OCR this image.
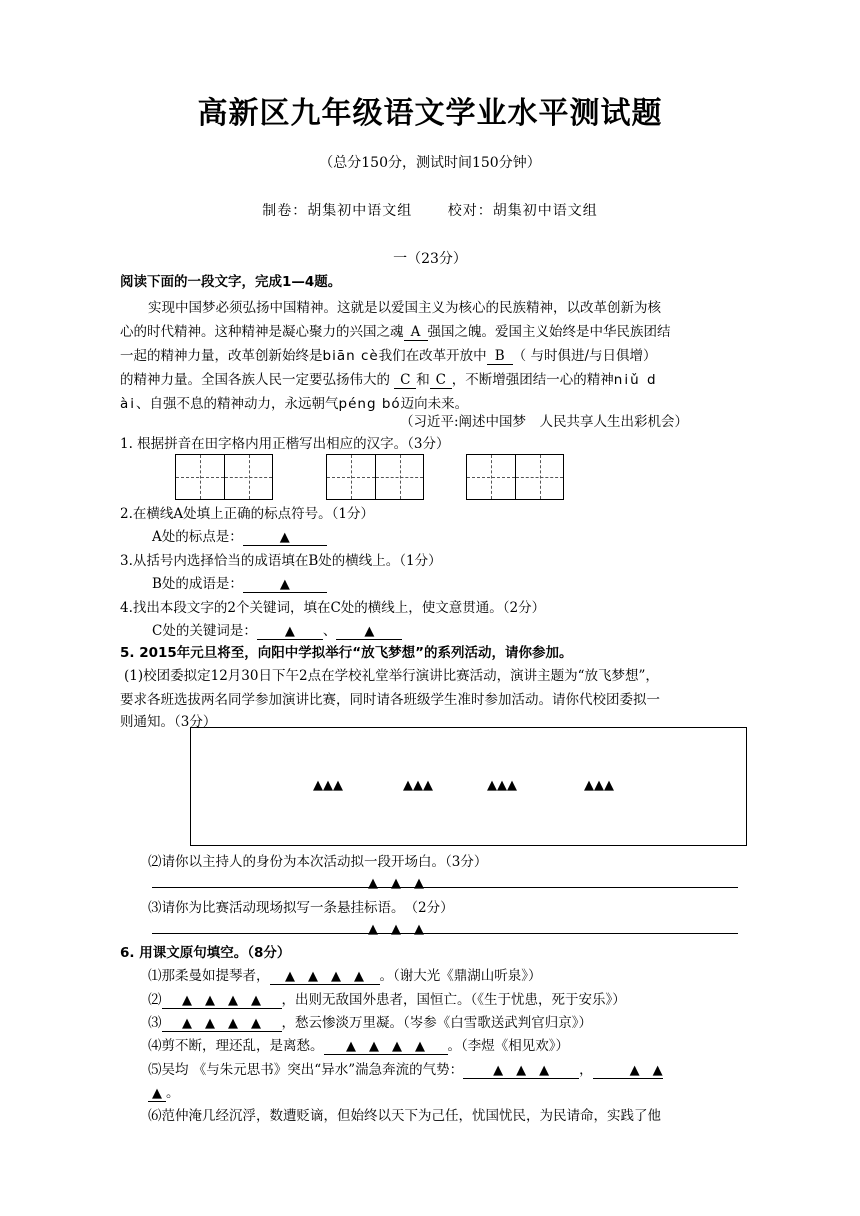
高新区九年级语文学业水平测试题
（总分150分，测试时间150分钟）
制卷：胡集初中语文组　　 校对：胡集初中语文组
一（23分）
阅读下面的一段文字，完成1—4题。
实现中国梦必须弘扬中国精神。这就是以爱国主义为核心的民族精神，以改革创新为核
心的时代精神。这种精神是凝心聚力的兴国之魂 A 强国之魄。爱国主义始终是中华民族团结
一起的精神力量，改革创新始终是biān cè我们在改革开放中 B （ 与时俱进/与日俱增）
的精神力量。全国各族人民一定要弘扬伟大的 C 和 C ，不断增强团结一心的精神niǔ d
ài、自强不息的精神动力，永远朝气péng bó迈向未来。
（习近平:阐述中国梦　人民共享人生出彩机会）
1. 根据拼音在田字格内用正楷写出相应的汉字。（3分）
2.在横线A处填上正确的标点符号。（1分）
A处的标点是：	▲
3.从括号内选择恰当的成语填在B处的横线上。（1分）
B处的成语是：	▲
4.找出本段文字的2个关键词，填在C处的横线上，使文意贯通。（2分）
C处的关键词是： ▲ 、 ▲
5. 2015年元旦将至，向阳中学拟举行“放飞梦想”的系列活动，请你参加。
(1)校团委拟定12月30日下午2点在学校礼堂举行演讲比赛活动，演讲主题为“放飞梦想”，
要求各班选拔两名同学参加演讲比赛，同时请各班级学生准时参加活动。请你代校团委拟一
则通知。（3分）
▲▲▲	▲▲▲	▲▲▲	▲▲▲
⑵请你以主持人的身份为本次活动拟一段开场白。（3分）
▲　▲　▲
⑶请你为比赛活动现场拟写一条悬挂标语。　（2分）
▲　▲　▲
6. 用课文原句填空。（8分）
⑴那柔曼如提琴者， ▲　▲　▲　▲ 。（谢大光《鼎湖山听泉》）
⑵ ▲　▲　▲　▲ ，出则无敌国外患者，国恒亡。（《生于忧患，死于安乐》）
⑶ ▲　▲　▲　▲ ，愁云惨淡万里凝。（岑参《白雪歌送武判官归京》）
⑷剪不断，理还乱，是离愁。 ▲　▲　▲　▲ 。（李煜《相见欢》）
⑸吴均 《与朱元思书》突出“异水”湍急奔流的气势： ▲　▲　▲ ，	▲　▲
▲ 。
⑹范仲淹几经沉浮，数遭贬谪，但始终以天下为己任，忧国忧民，为民请命，实践了他
